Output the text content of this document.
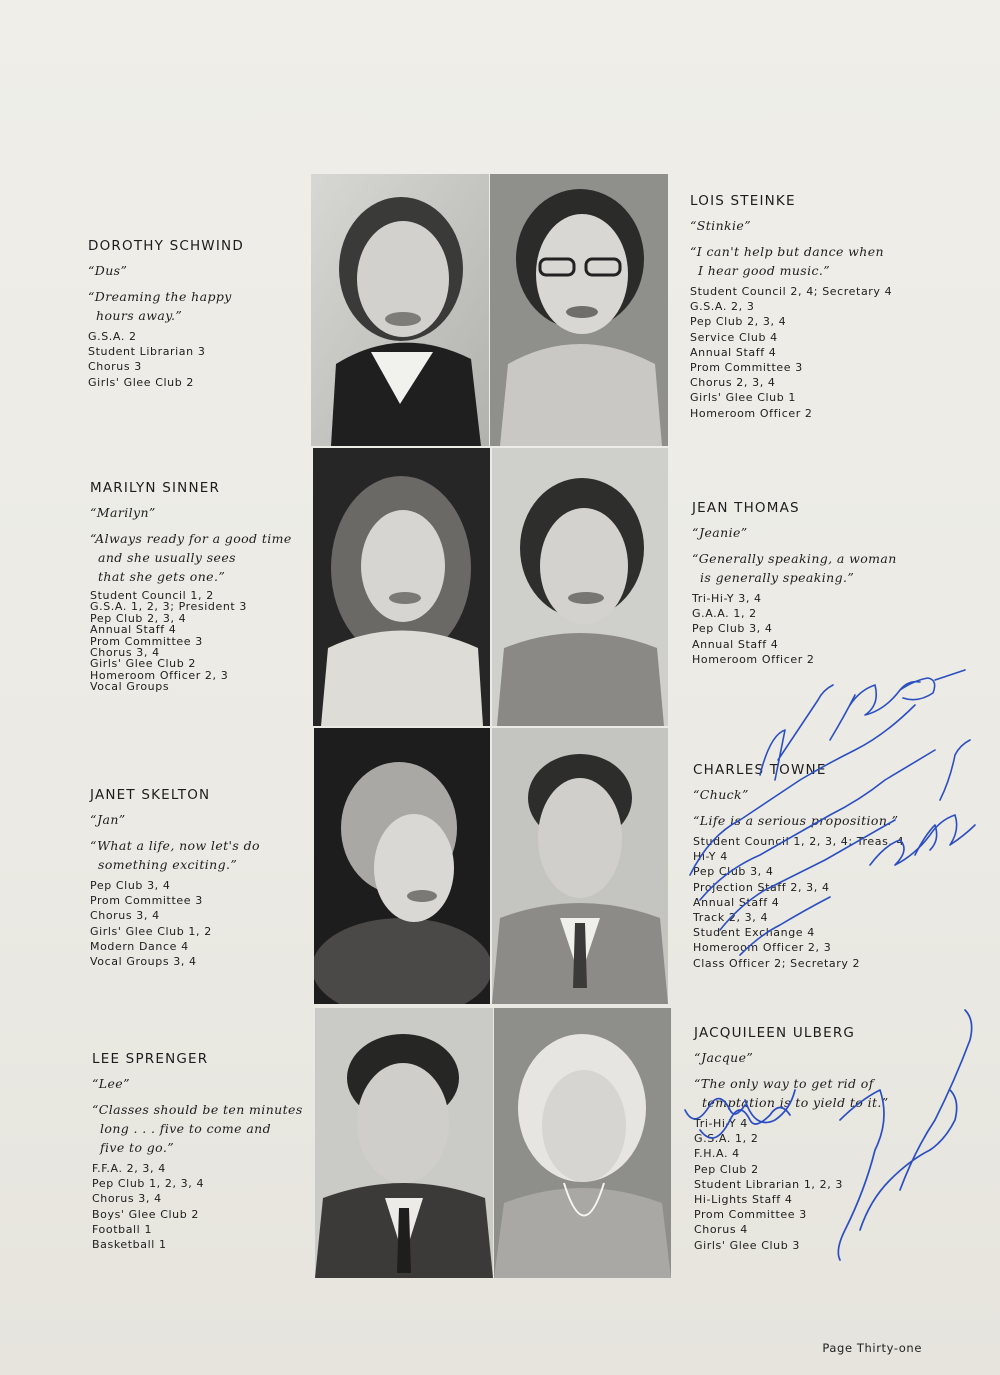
DOROTHY SCHWIND

“Dus”

“Dreaming the happy
hours away.”

G.S.A. 2
Student Librarian 3
Chorus 3
Girls' Glee Club 2

LOIS STEINKE

“Stinkie”

“I can't help but dance when
I hear good music.”

Student Council 2, 4; Secretary 4
G.S.A. 2, 3
Pep Club 2, 3, 4
Service Club 4
Annual Staff 4
Prom Committee 3
Chorus 2, 3, 4
Girls' Glee Club 1
Homeroom Officer 2

MARILYN SINNER

“Marilyn”

“Always ready for a good time
and she usually sees
that she gets one.”

Student Council 1, 2
G.S.A. 1, 2, 3; President 3
Pep Club 2, 3, 4
Annual Staff 4
Prom Committee 3
Chorus 3, 4
Girls' Glee Club 2
Homeroom Officer 2, 3
Vocal Groups

JEAN THOMAS

“Jeanie”

“Generally speaking, a woman
is generally speaking.”

Tri-Hi-Y 3, 4
G.A.A. 1, 2
Pep Club 3, 4
Annual Staff 4
Homeroom Officer 2

JANET SKELTON

“Jan”

“What a life, now let's do
something exciting.”

Pep Club 3, 4
Prom Committee 3
Chorus 3, 4
Girls' Glee Club 1, 2
Modern Dance 4
Vocal Groups 3, 4

CHARLES TOWNE

“Chuck”

“Life is a serious proposition.”

Student Council 1, 2, 3, 4; Treas. 4
Hi-Y 4
Pep Club 3, 4
Projection Staff 2, 3, 4
Annual Staff 4
Track 2, 3, 4
Student Exchange 4
Homeroom Officer 2, 3
Class Officer 2; Secretary 2

LEE SPRENGER

“Lee”

“Classes should be ten minutes
long . . . five to come and
five to go.”

F.F.A. 2, 3, 4
Pep Club 1, 2, 3, 4
Chorus 3, 4
Boys' Glee Club 2
Football 1
Basketball 1

JACQUILEEN ULBERG

“Jacque”

“The only way to get rid of
temptation is to yield to it.”

Tri-Hi-Y 4
G.S.A. 1, 2
F.H.A. 4
Pep Club 2
Student Librarian 1, 2, 3
Hi-Lights Staff 4
Prom Committee 3
Chorus 4
Girls' Glee Club 3
Page Thirty-one
